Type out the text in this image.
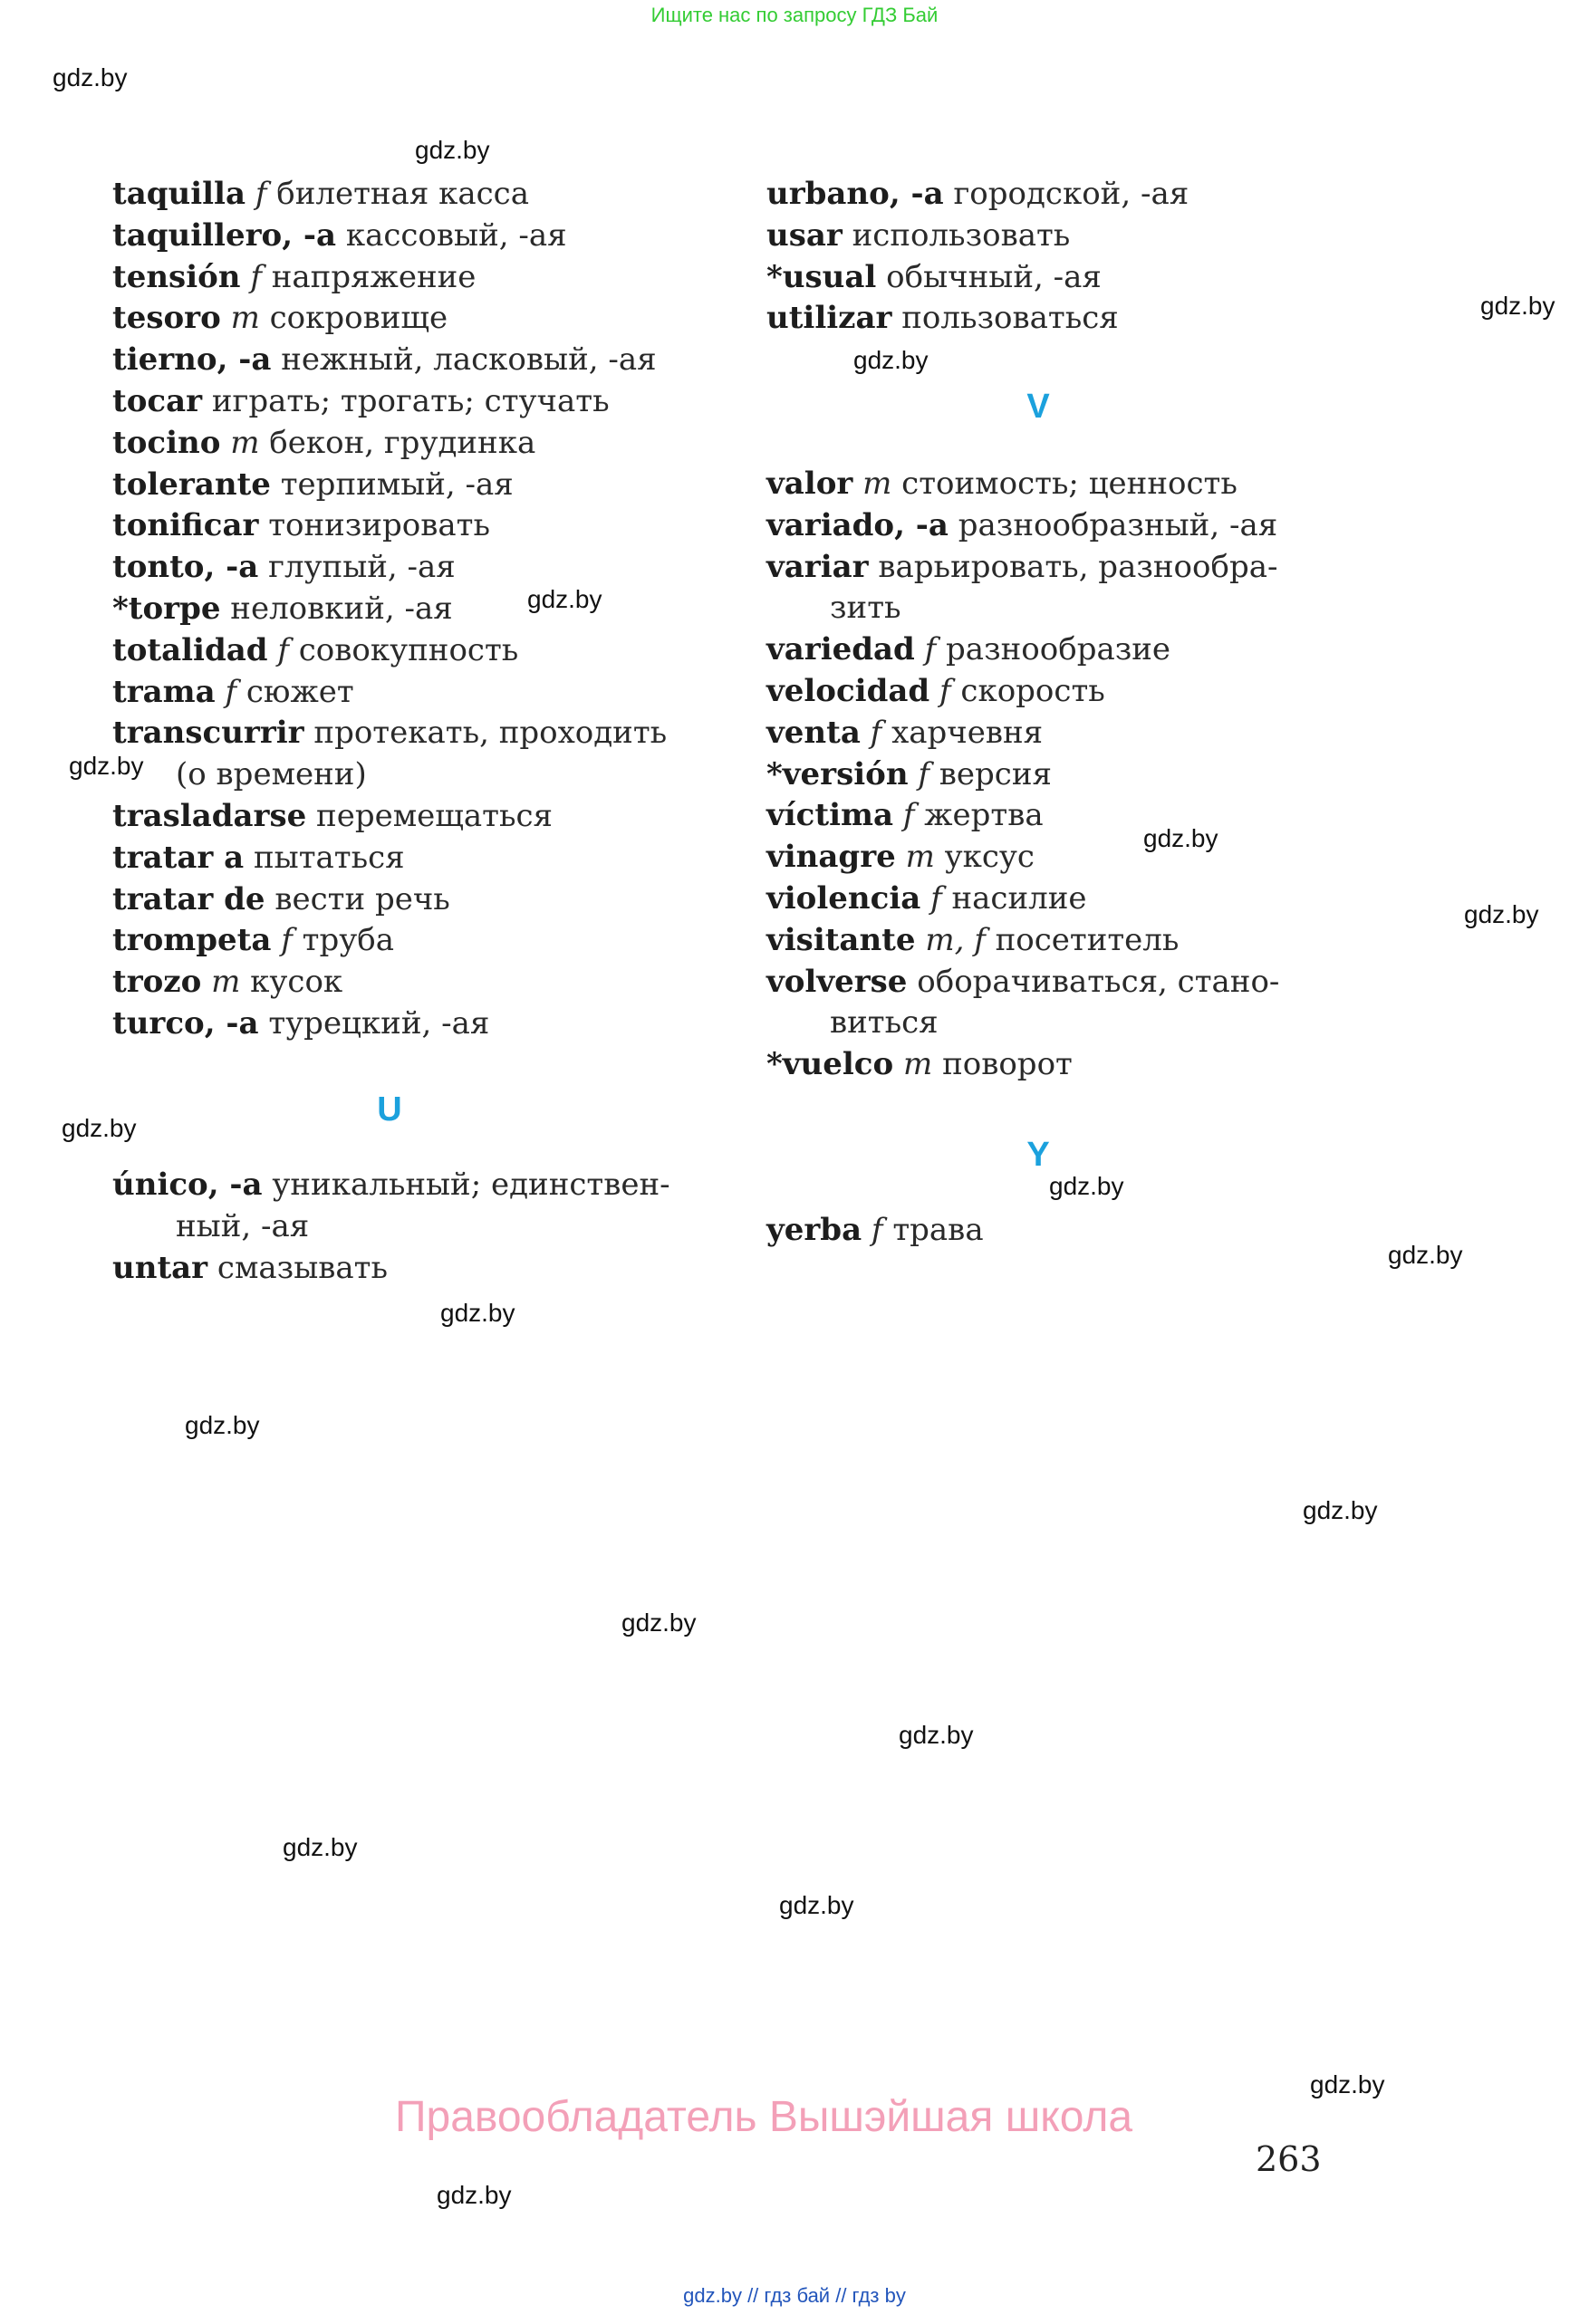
Ищите нас по запросу ГДЗ Бай
gdz.by
gdz.by
gdz.by
gdz.by
gdz.by
gdz.by
gdz.by
gdz.by
gdz.by
gdz.by
gdz.by
gdz.by
gdz.by
gdz.by
gdz.by
gdz.by
gdz.by
gdz.by
gdz.by
gdz.by
taquilla f билетная касса
taquillero, -a кассовый, -ая
tensión f напряжение
tesoro m сокровище
tierno, -a нежный, ласковый, -ая
tocar играть; трогать; стучать
tocino m бекон, грудинка
tolerante терпимый, -ая
tonificar тонизировать
tonto, -a глупый, -ая
*torpe неловкий, -ая
totalidad f совокупность
trama f сюжет
transcurrir протекать, проходить
(о времени)
trasladarse перемещаться
tratar a пытаться
tratar de вести речь
trompeta f труба
trozo m кусок
turco, -a турецкий, -ая
U
único, -a уникальный; единствен-
ный, -ая
untar смазывать
urbano, -a городской, -ая
usar использовать
*usual обычный, -ая
utilizar пользоваться
V
valor m стоимость; ценность
variado, -a разнообразный, -ая
variar варьировать, разнообра-
зить
variedad f разнообразие
velocidad f скорость
venta f харчевня
*versión f версия
víctima f жертва
vinagre m уксус
violencia f насилие
visitante m, f посетитель
volverse оборачиваться, стано-
виться
*vuelco m поворот
Y
yerba f трава
Правообладатель Вышэйшая школа
263
gdz.by // гдз бай // гдз by
